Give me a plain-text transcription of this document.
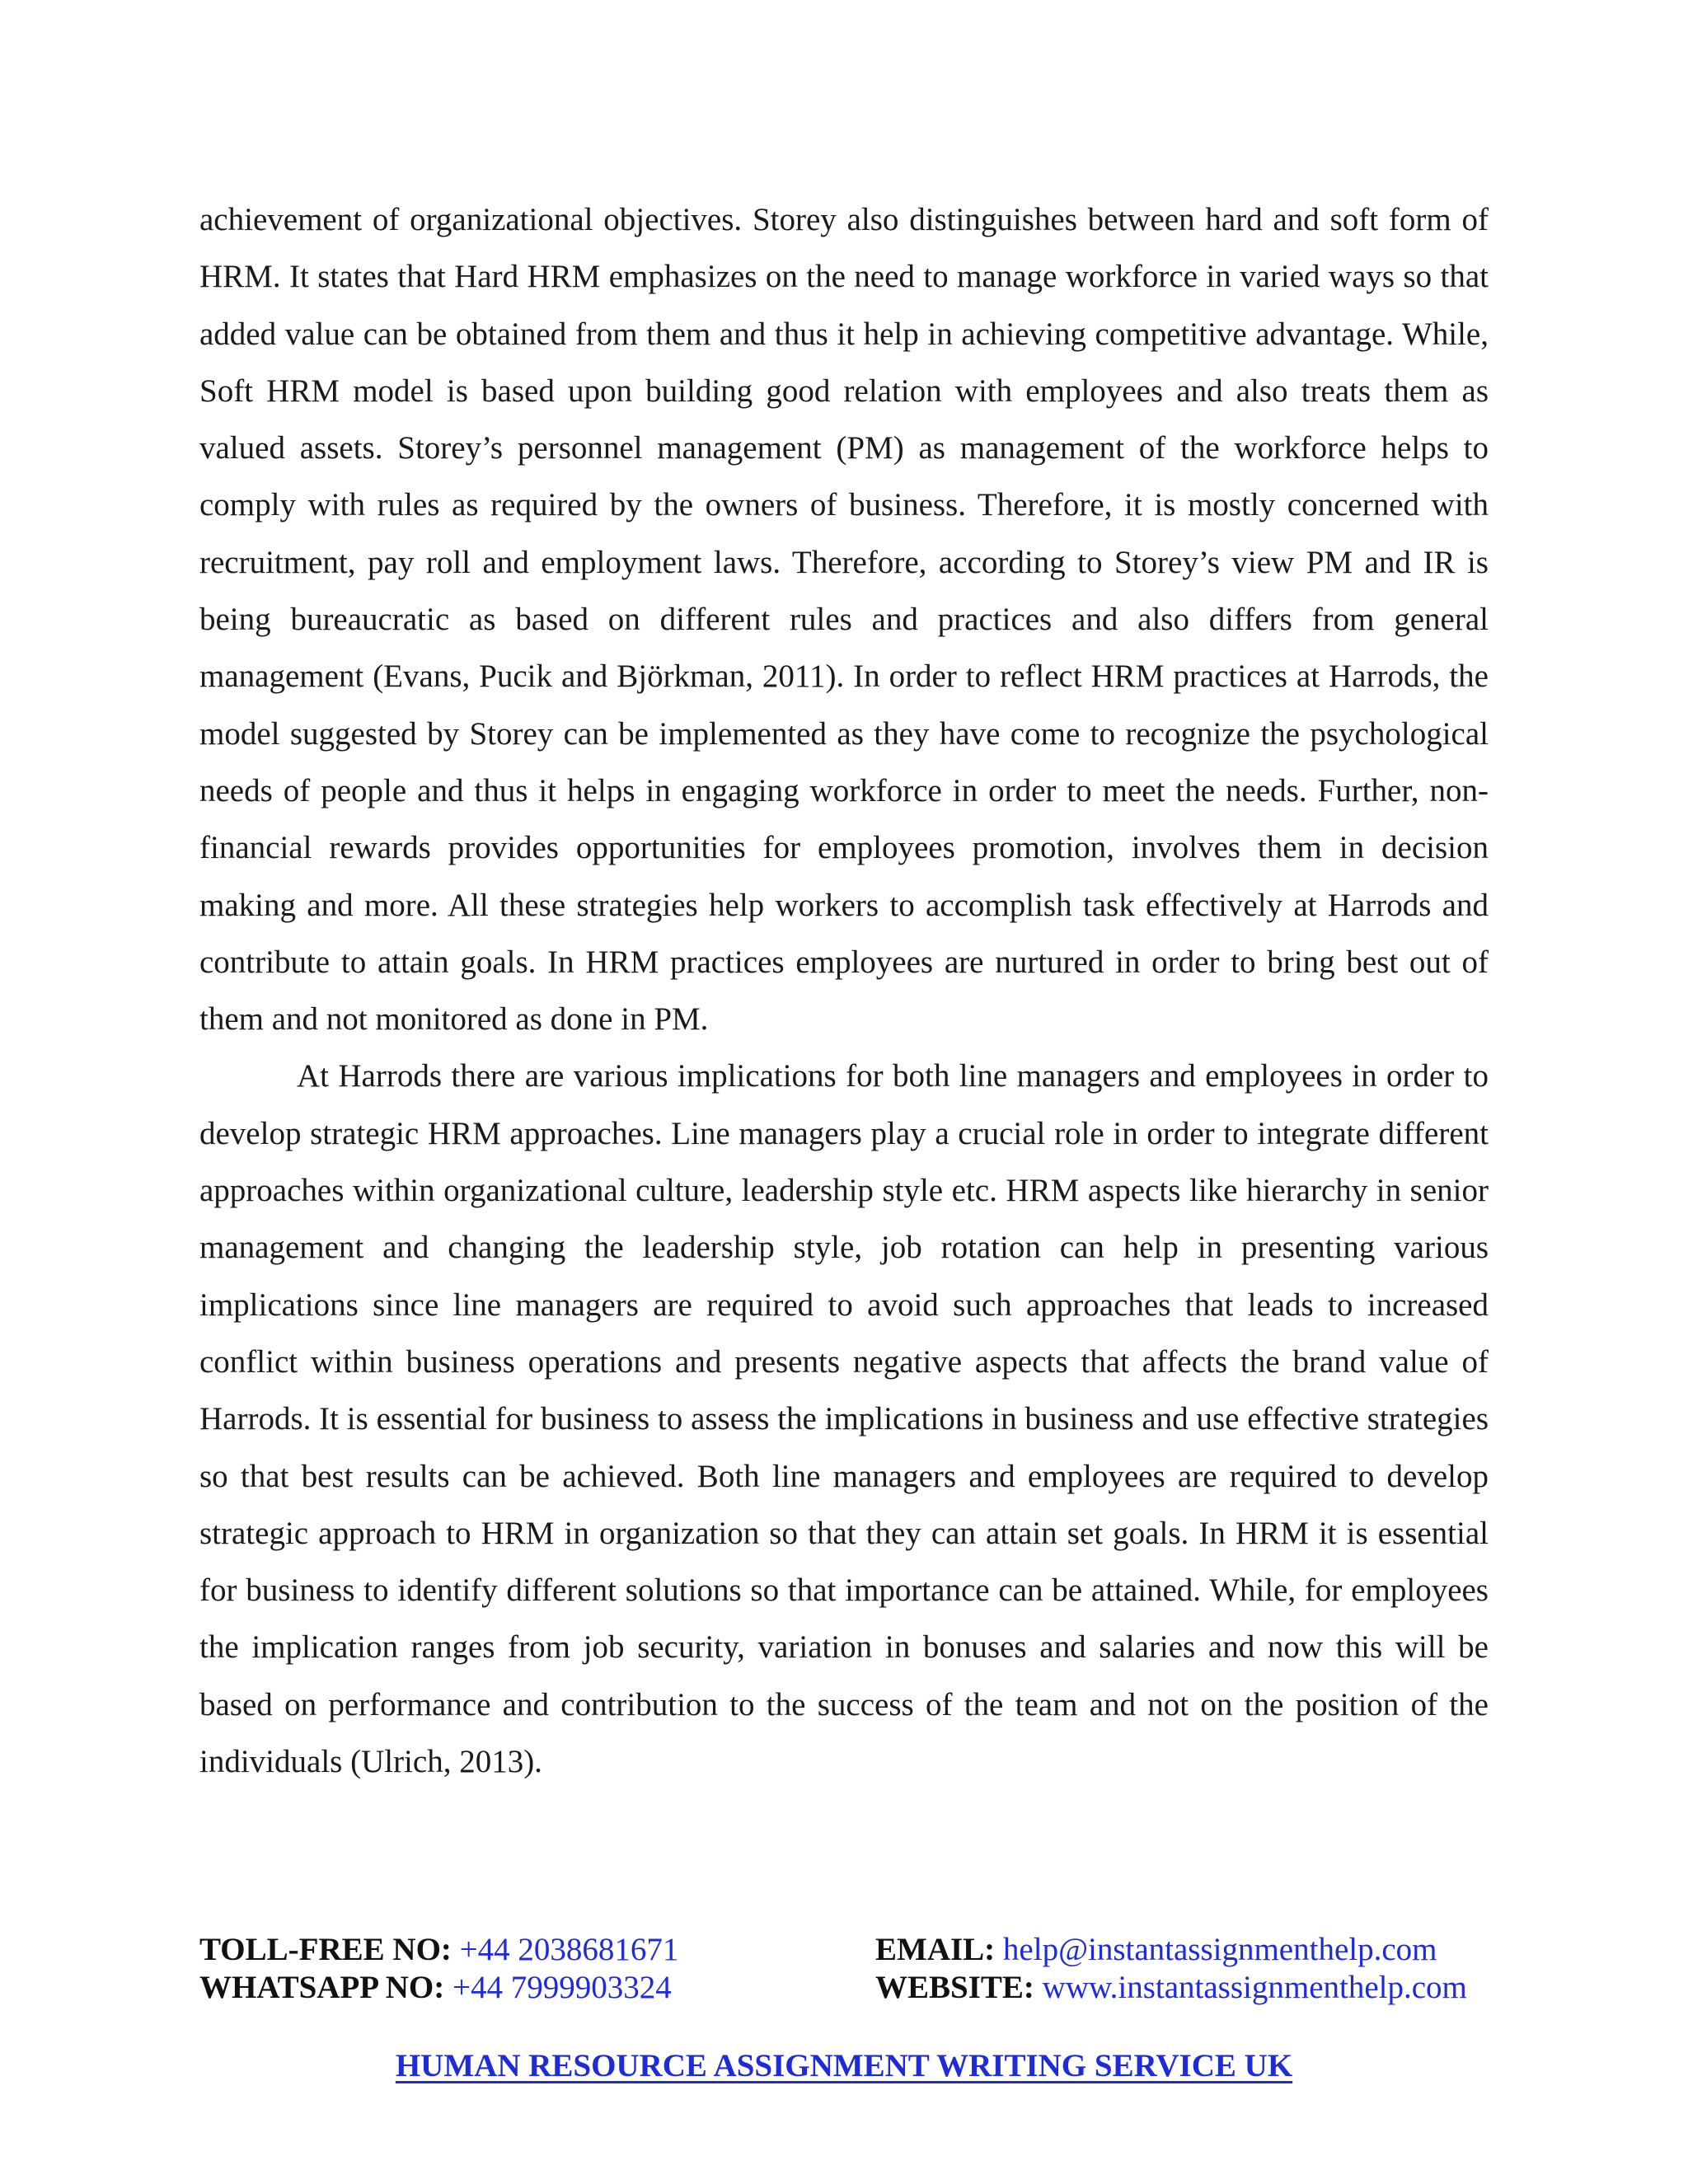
achievement of organizational objectives. Storey also distinguishes between hard and soft form of HRM. It states that Hard HRM emphasizes on the need to manage workforce in varied ways so that added value can be obtained from them and thus it help in achieving competitive advantage. While, Soft HRM model is based upon building good relation with employees and also treats them as valued assets. Storey’s personnel management (PM) as management of the workforce helps to comply with rules as required by the owners of business. Therefore, it is mostly concerned with recruitment, pay roll and employment laws. Therefore, according to Storey’s view PM and IR is being bureaucratic as based on different rules and practices and also differs from general management (Evans, Pucik and Björkman, 2011). In order to reflect HRM practices at Harrods, the model suggested by Storey can be implemented as they have come to recognize the psychological needs of people and thus it helps in engaging workforce in order to meet the needs. Further, non-financial rewards provides opportunities for employees promotion, involves them in decision making and more. All these strategies help workers to accomplish task effectively at Harrods and contribute to attain goals. In HRM practices employees are nurtured in order to bring best out of them and not monitored as done in PM.

At Harrods there are various implications for both line managers and employees in order to develop strategic HRM approaches. Line managers play a crucial role in order to integrate different approaches within organizational culture, leadership style etc. HRM aspects like hierarchy in senior management and changing the leadership style, job rotation can help in presenting various implications since line managers are required to avoid such approaches that leads to increased conflict within business operations and presents negative aspects that affects the brand value of Harrods. It is essential for business to assess the implications in business and use effective strategies so that best results can be achieved. Both line managers and employees are required to develop strategic approach to HRM in organization so that they can attain set goals. In HRM it is essential for business to identify different solutions so that importance can be attained. While, for employees the implication ranges from job security, variation in bonuses and salaries and now this will be based on performance and contribution to the success of the team and not on the position of the individuals (Ulrich, 2013).

TOLL-FREE NO: +44 2038681671
WHATSAPP NO: +44 7999903324
EMAIL: help@instantassignmenthelp.com
WEBSITE: www.instantassignmenthelp.com
HUMAN RESOURCE ASSIGNMENT WRITING SERVICE UK
